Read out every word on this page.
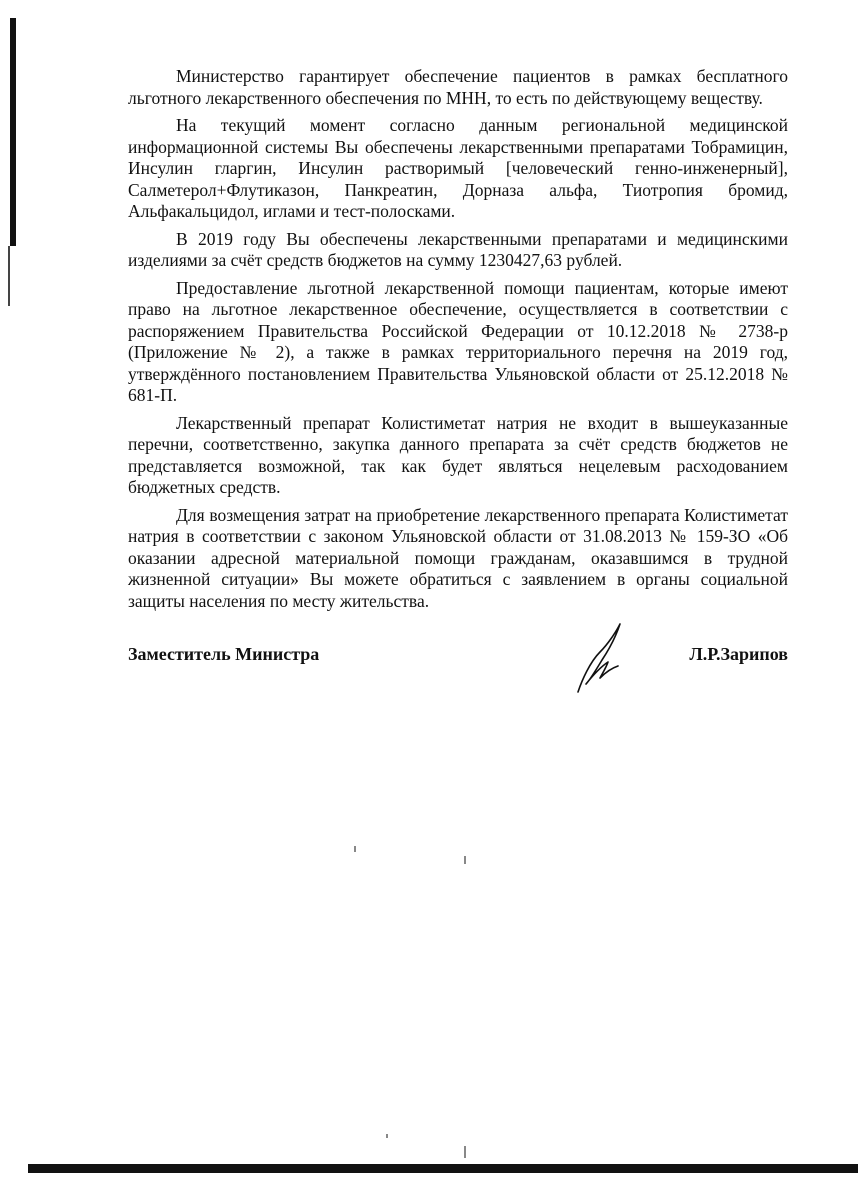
Министерство гарантирует обеспечение пациентов в рамках бесплатного льготного лекарственного обеспечения по МНН, то есть по действующему веществу.

На текущий момент согласно данным региональной медицинской информационной системы Вы обеспечены лекарственными препаратами Тобрамицин, Инсулин гларгин, Инсулин растворимый [человеческий генно-инженерный], Салметерол+Флутиказон, Панкреатин, Дорназа альфа, Тиотропия бромид, Альфакальцидол, иглами и тест-полосками.

В 2019 году Вы обеспечены лекарственными препаратами и медицинскими изделиями за счёт средств бюджетов на сумму 1230427,63 рублей.

Предоставление льготной лекарственной помощи пациентам, которые имеют право на льготное лекарственное обеспечение, осуществляется в соответствии с распоряжением Правительства Российской Федерации от 10.12.2018 № 2738-р (Приложение № 2), а также в рамках территориального перечня на 2019 год, утверждённого постановлением Правительства Ульяновской области от 25.12.2018 № 681-П.

Лекарственный препарат Колистиметат натрия не входит в вышеуказанные перечни, соответственно, закупка данного препарата за счёт средств бюджетов не представляется возможной, так как будет являться нецелевым расходованием бюджетных средств.

Для возмещения затрат на приобретение лекарственного препарата Колистиметат натрия в соответствии с законом Ульяновской области от 31.08.2013 № 159-ЗО «Об оказании адресной материальной помощи гражданам, оказавшимся в трудной жизненной ситуации» Вы можете обратиться с заявлением в органы социальной защиты населения по месту жительства.

Заместитель Министра	Л.Р.Зарипов
